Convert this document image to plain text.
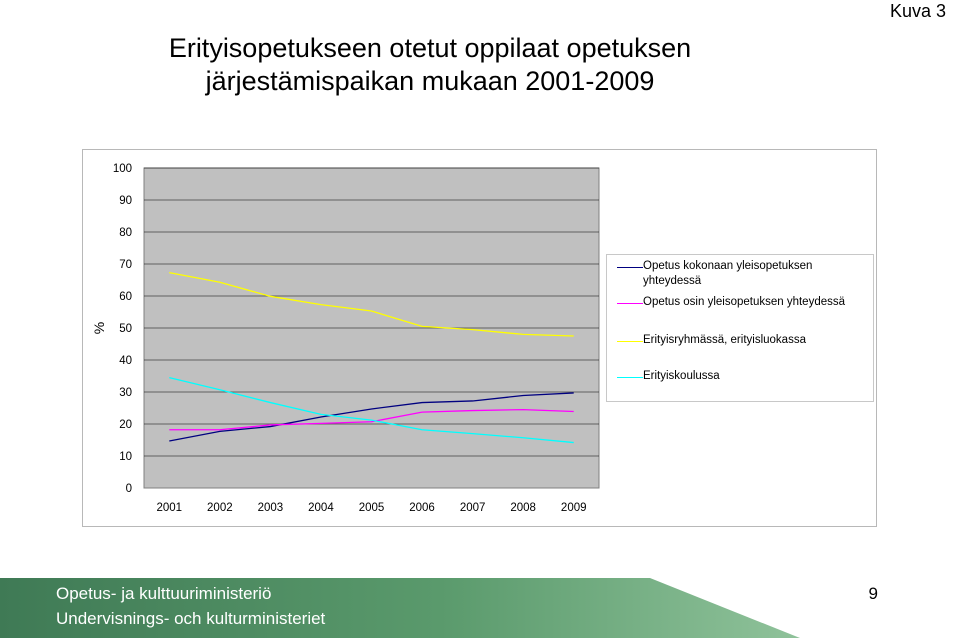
Kuva 3
Erityisopetukseen otetut oppilaat opetuksen
järjestämispaikan mukaan 2001-2009
0
10
20
30
40
50
60
70
80
90
100
%
2001 2002 2003 2004 2005 2006 2007 2008 2009
Opetus kokonaan yleisopetuksen yhteydessä
Opetus osin yleisopetuksen yhteydessä
Erityisryhmässä, erityisluokassa
Erityiskoulussa
Opetus- ja kulttuuriministeriö
Undervisnings- och kulturministeriet
9
